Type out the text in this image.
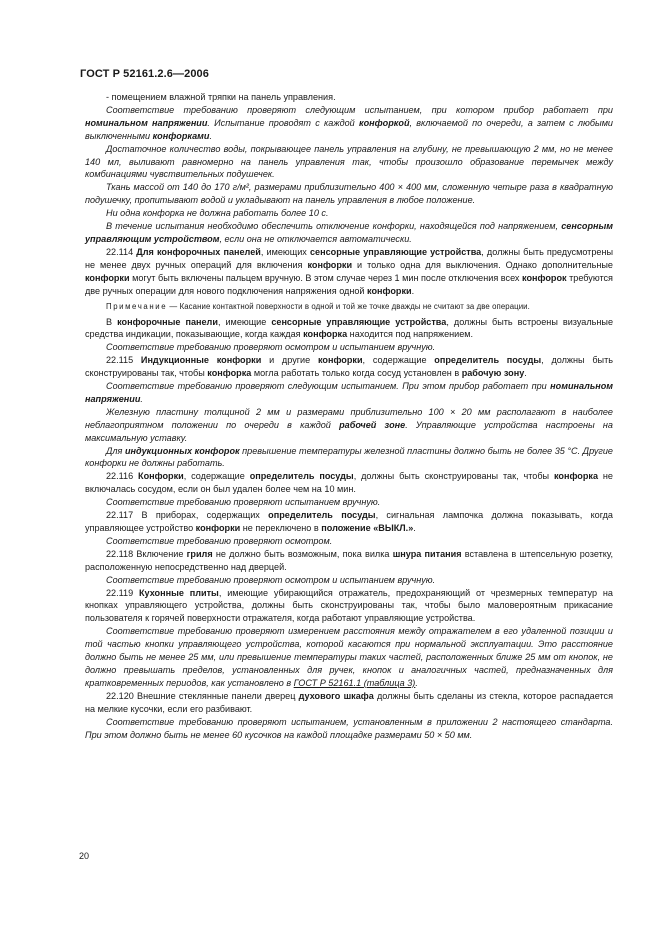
ГОСТ Р 52161.2.6—2006

- помещением влажной тряпки на панель управления.

Соответствие требованию проверяют следующим испытанием, при котором прибор работает при номинальном напряжении. Испытание проводят с каждой конфоркой, включаемой по очереди, а затем с любыми выключенными конфорками.

Достаточное количество воды, покрывающее панель управления на глубину, не превышающую 2 мм, но не менее 140 мл, выливают равномерно на панель управления так, чтобы произошло образование перемычек между комбинациями чувствительных подушечек.

Ткань массой от 140 до 170 г/м², размерами приблизительно 400 × 400 мм, сложенную четыре раза в квадратную подушечку, пропитывают водой и укладывают на панель управления в любое положение.

Ни одна конфорка не должна работать более 10 с.

В течение испытания необходимо обеспечить отключение конфорки, находящейся под напряжением, сенсорным управляющим устройством, если она не отключается автоматически.

22.114 Для конфорочных панелей, имеющих сенсорные управляющие устройства, должны быть предусмотрены не менее двух ручных операций для включения конфорки и только одна для выключения. Однако дополнительные конфорки могут быть включены пальцем вручную. В этом случае через 1 мин после отключения всех конфорок требуются две ручных операции для нового подключения напряжения одной конфорки.

Примечание — Касание контактной поверхности в одной и той же точке дважды не считают за две операции.

В конфорочные панели, имеющие сенсорные управляющие устройства, должны быть встроены визуальные средства индикации, показывающие, когда каждая конфорка находится под напряжением.

Соответствие требованию проверяют осмотром и испытанием вручную.

22.115 Индукционные конфорки и другие конфорки, содержащие определитель посуды, должны быть сконструированы так, чтобы конфорка могла работать только когда сосуд установлен в рабочую зону.

Соответствие требованию проверяют следующим испытанием. При этом прибор работает при номинальном напряжении.

Железную пластину толщиной 2 мм и размерами приблизительно 100 × 20 мм располагают в наиболее неблагоприятном положении по очереди в каждой рабочей зоне. Управляющие устройства настроены на максимальную уставку.

Для индукционных конфорок превышение температуры железной пластины должно быть не более 35 °С. Другие конфорки не должны работать.

22.116 Конфорки, содержащие определитель посуды, должны быть сконструированы так, чтобы конфорка не включалась сосудом, если он был удален более чем на 10 мин.

Соответствие требованию проверяют испытанием вручную.

22.117 В приборах, содержащих определитель посуды, сигнальная лампочка должна показывать, когда управляющее устройство конфорки не переключено в положение «ВЫКЛ.».

Соответствие требованию проверяют осмотром.

22.118 Включение гриля не должно быть возможным, пока вилка шнура питания вставлена в штепсельную розетку, расположенную непосредственно над дверцей.

Соответствие требованию проверяют осмотром и испытанием вручную.

22.119 Кухонные плиты, имеющие убирающийся отражатель, предохраняющий от чрезмерных температур на кнопках управляющего устройства, должны быть сконструированы так, чтобы было маловероятным прикасание пользователя к горячей поверхности отражателя, когда работают управляющие устройства.

Соответствие требованию проверяют измерением расстояния между отражателем в его удаленной позиции и той частью кнопки управляющего устройства, которой касаются при нормальной эксплуатации. Это расстояние должно быть не менее 25 мм, или превышение температуры таких частей, расположенных ближе 25 мм от кнопок, не должно превышать пределов, установленных для ручек, кнопок и аналогичных частей, предназначенных для кратковременных периодов, как установлено в ГОСТ Р 52161.1 (таблица 3).

22.120 Внешние стеклянные панели дверец духового шкафа должны быть сделаны из стекла, которое распадается на мелкие кусочки, если его разбивают.

Соответствие требованию проверяют испытанием, установленным в приложении 2 настоящего стандарта. При этом должно быть не менее 60 кусочков на каждой площадке размерами 50 × 50 мм.

20
